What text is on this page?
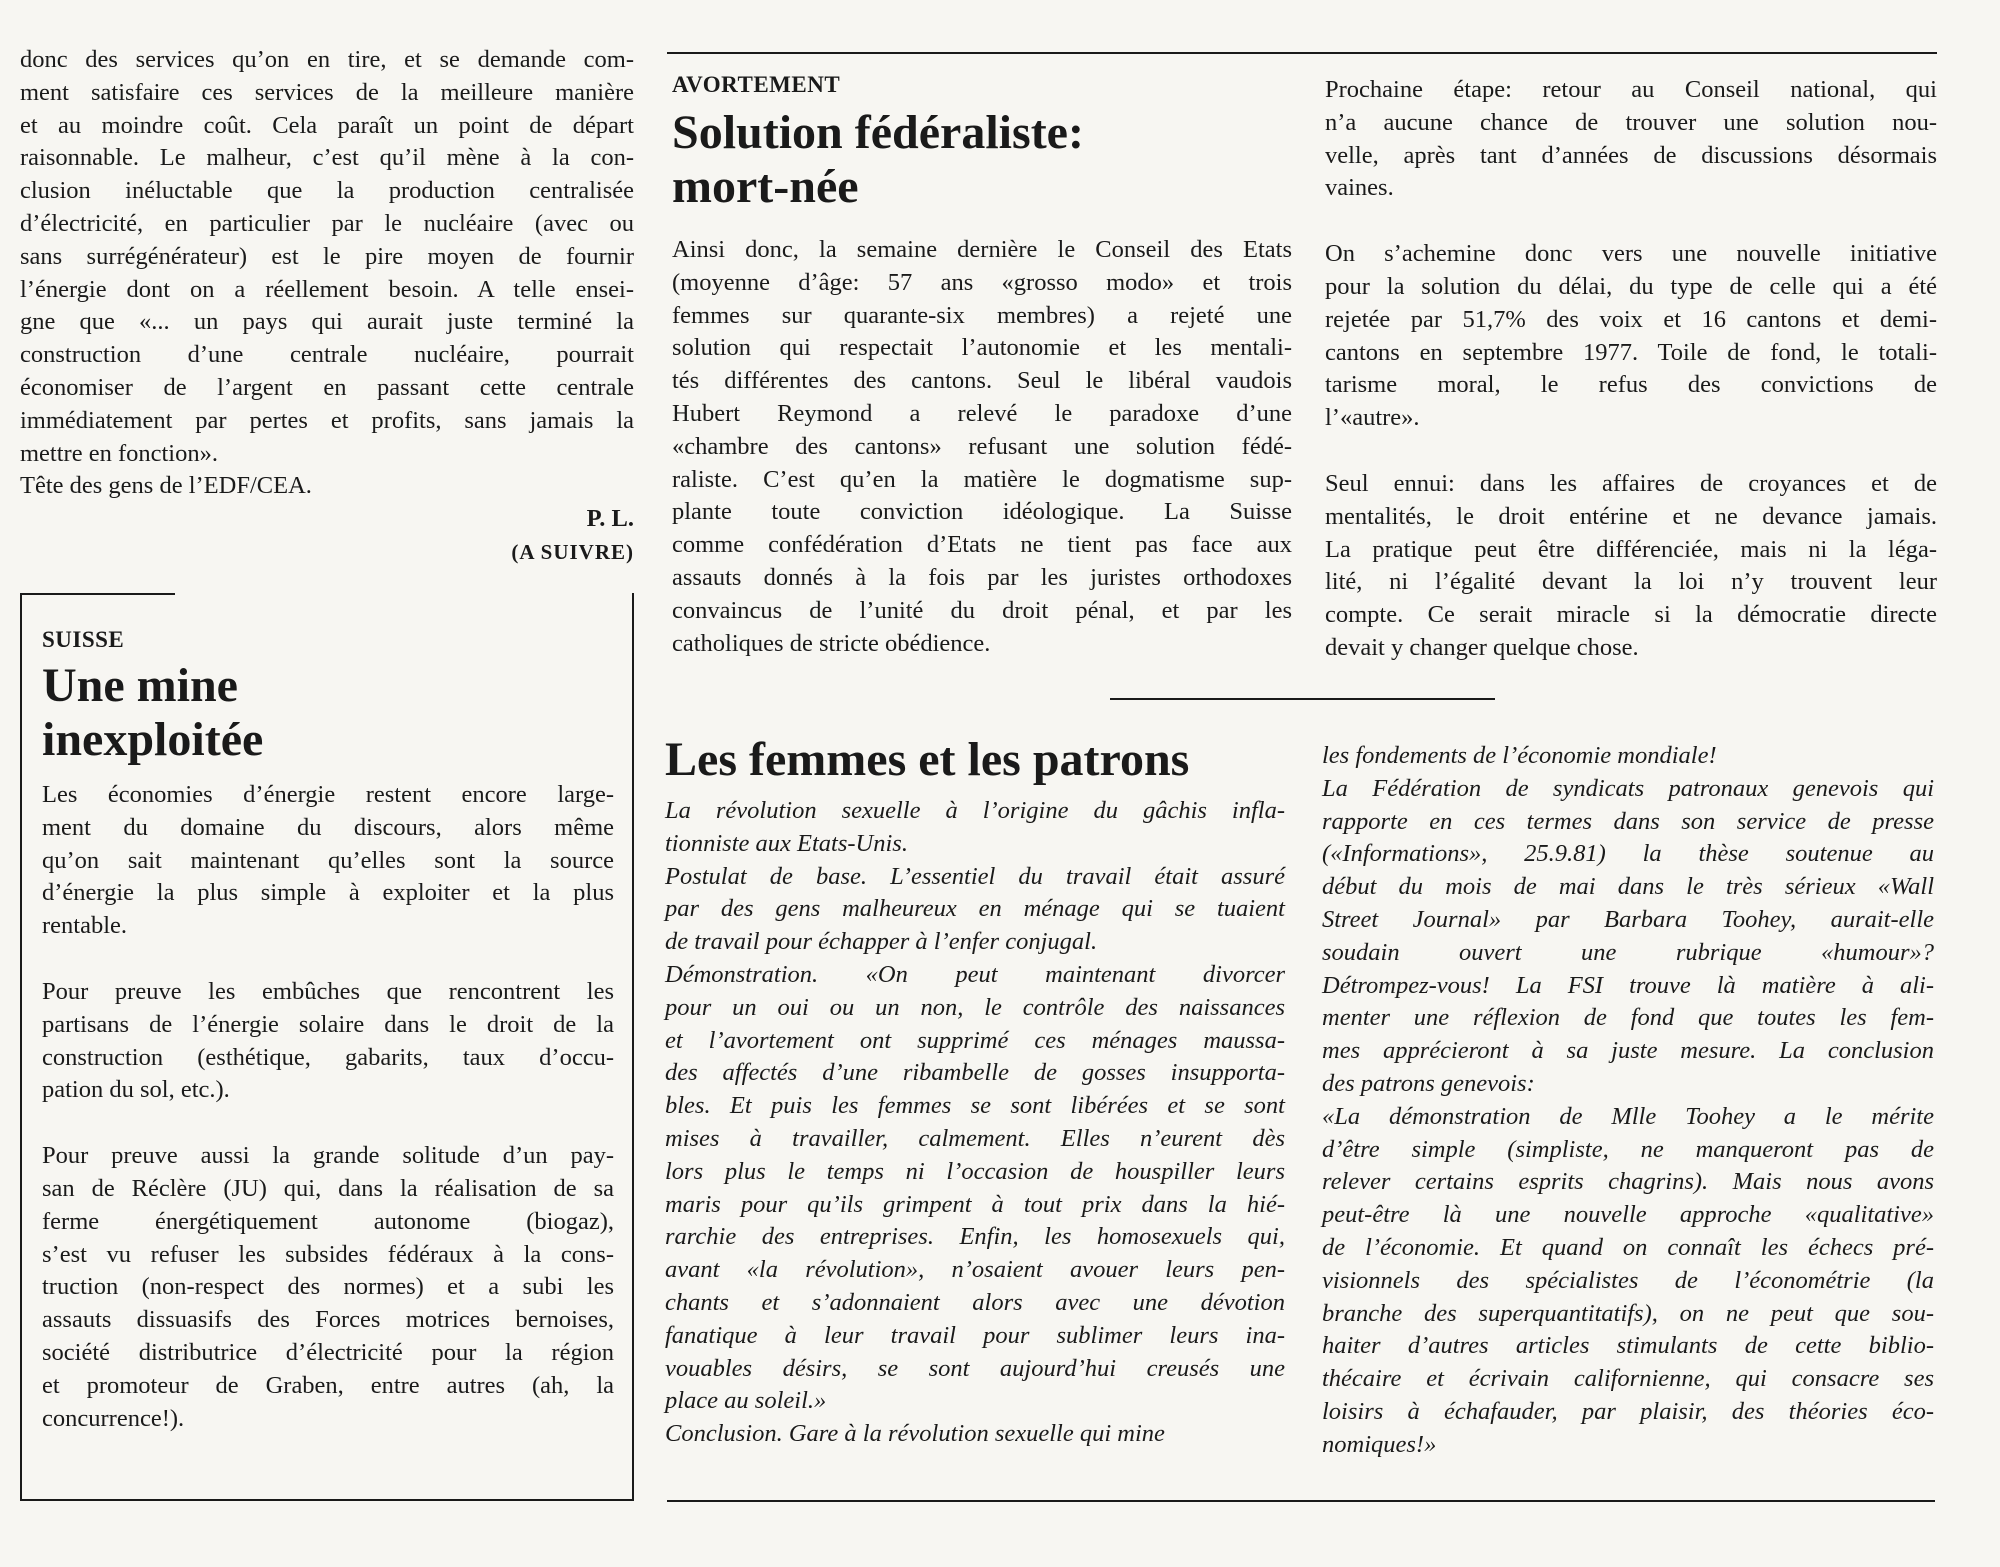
donc des services qu’on en tire, et se demande com-
ment satisfaire ces services de la meilleure manière
et au moindre coût. Cela paraît un point de départ
raisonnable. Le malheur, c’est qu’il mène à la con-
clusion inéluctable que la production centralisée
d’électricité, en particulier par le nucléaire (avec ou
sans surrégénérateur) est le pire moyen de fournir
l’énergie dont on a réellement besoin. A telle ensei-
gne que «... un pays qui aurait juste terminé la
construction d’une centrale nucléaire, pourrait
économiser de l’argent en passant cette centrale
immédiatement par pertes et profits, sans jamais la
mettre en fonction».
Tête des gens de l’EDF/CEA.
P. L.
(A SUIVRE)
SUISSE
Une mine
inexploitée
Les économies d’énergie restent encore large-
ment du domaine du discours, alors même
qu’on sait maintenant qu’elles sont la source
d’énergie la plus simple à exploiter et la plus
rentable.
Pour preuve les embûches que rencontrent les
partisans de l’énergie solaire dans le droit de la
construction (esthétique, gabarits, taux d’occu-
pation du sol, etc.).
Pour preuve aussi la grande solitude d’un pay-
san de Réclère (JU) qui, dans la réalisation de sa
ferme énergétiquement autonome (biogaz),
s’est vu refuser les subsides fédéraux à la cons-
truction (non-respect des normes) et a subi les
assauts dissuasifs des Forces motrices bernoises,
société distributrice d’électricité pour la région
et promoteur de Graben, entre autres (ah, la
concurrence!).
AVORTEMENT
Solution fédéraliste:
mort-née
Ainsi donc, la semaine dernière le Conseil des Etats
(moyenne d’âge: 57 ans «grosso modo» et trois
femmes sur quarante-six membres) a rejeté une
solution qui respectait l’autonomie et les mentali-
tés différentes des cantons. Seul le libéral vaudois
Hubert Reymond a relevé le paradoxe d’une
«chambre des cantons» refusant une solution fédé-
raliste. C’est qu’en la matière le dogmatisme sup-
plante toute conviction idéologique. La Suisse
comme confédération d’Etats ne tient pas face aux
assauts donnés à la fois par les juristes orthodoxes
convaincus de l’unité du droit pénal, et par les
catholiques de stricte obédience.
Prochaine étape: retour au Conseil national, qui
n’a aucune chance de trouver une solution nou-
velle, après tant d’années de discussions désormais
vaines.
On s’achemine donc vers une nouvelle initiative
pour la solution du délai, du type de celle qui a été
rejetée par 51,7% des voix et 16 cantons et demi-
cantons en septembre 1977. Toile de fond, le totali-
tarisme moral, le refus des convictions de
l’«autre».
Seul ennui: dans les affaires de croyances et de
mentalités, le droit entérine et ne devance jamais.
La pratique peut être différenciée, mais ni la léga-
lité, ni l’égalité devant la loi n’y trouvent leur
compte. Ce serait miracle si la démocratie directe
devait y changer quelque chose.
Les femmes et les patrons
La révolution sexuelle à l’origine du gâchis infla-
tionniste aux Etats-Unis.
Postulat de base. L’essentiel du travail était assuré
par des gens malheureux en ménage qui se tuaient
de travail pour échapper à l’enfer conjugal.
Démonstration. «On peut maintenant divorcer
pour un oui ou un non, le contrôle des naissances
et l’avortement ont supprimé ces ménages maussa-
des affectés d’une ribambelle de gosses insupporta-
bles. Et puis les femmes se sont libérées et se sont
mises à travailler, calmement. Elles n’eurent dès
lors plus le temps ni l’occasion de houspiller leurs
maris pour qu’ils grimpent à tout prix dans la hié-
rarchie des entreprises. Enfin, les homosexuels qui,
avant «la révolution», n’osaient avouer leurs pen-
chants et s’adonnaient alors avec une dévotion
fanatique à leur travail pour sublimer leurs ina-
vouables désirs, se sont aujourd’hui creusés une
place au soleil.»
Conclusion. Gare à la révolution sexuelle qui mine
les fondements de l’économie mondiale!
La Fédération de syndicats patronaux genevois qui
rapporte en ces termes dans son service de presse
(«Informations», 25.9.81) la thèse soutenue au
début du mois de mai dans le très sérieux «Wall
Street Journal» par Barbara Toohey, aurait-elle
soudain ouvert une rubrique «humour»?
Détrompez-vous! La FSI trouve là matière à ali-
menter une réflexion de fond que toutes les fem-
mes apprécieront à sa juste mesure. La conclusion
des patrons genevois:
«La démonstration de Mlle Toohey a le mérite
d’être simple (simpliste, ne manqueront pas de
relever certains esprits chagrins). Mais nous avons
peut-être là une nouvelle approche «qualitative»
de l’économie. Et quand on connaît les échecs pré-
visionnels des spécialistes de l’économétrie (la
branche des superquantitatifs), on ne peut que sou-
haiter d’autres articles stimulants de cette biblio-
thécaire et écrivain californienne, qui consacre ses
loisirs à échafauder, par plaisir, des théories éco-
nomiques!»
